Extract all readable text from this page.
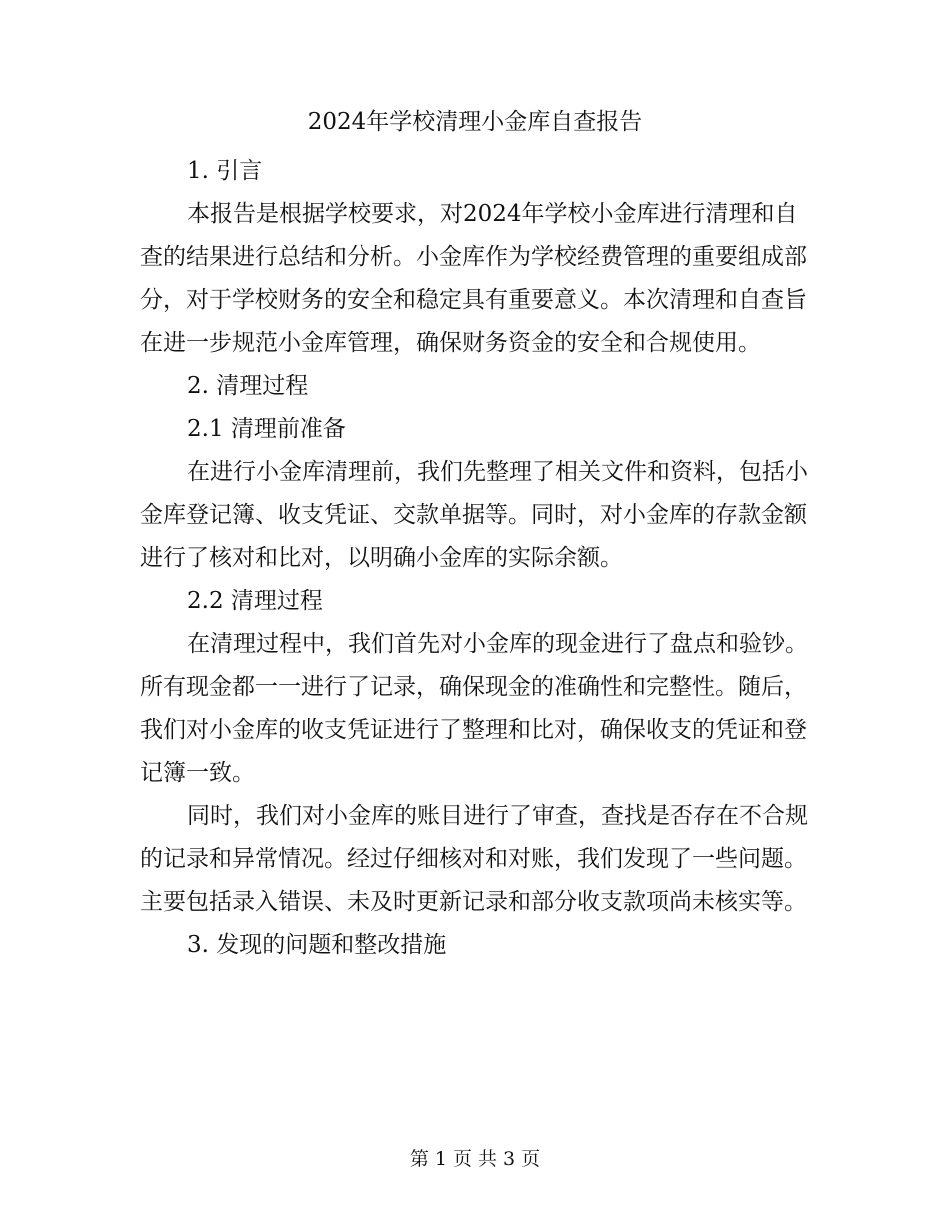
2024年学校清理小金库自查报告

1. 引言

本报告是根据学校要求，对2024年学校小金库进行清理和自查的结果进行总结和分析。小金库作为学校经费管理的重要组成部分，对于学校财务的安全和稳定具有重要意义。本次清理和自查旨在进一步规范小金库管理，确保财务资金的安全和合规使用。

2. 清理过程

2.1 清理前准备

在进行小金库清理前，我们先整理了相关文件和资料，包括小金库登记簿、收支凭证、交款单据等。同时，对小金库的存款金额进行了核对和比对，以明确小金库的实际余额。

2.2 清理过程

在清理过程中，我们首先对小金库的现金进行了盘点和验钞。所有现金都一一进行了记录，确保现金的准确性和完整性。随后，我们对小金库的收支凭证进行了整理和比对，确保收支的凭证和登记簿一致。

同时，我们对小金库的账目进行了审查，查找是否存在不合规的记录和异常情况。经过仔细核对和对账，我们发现了一些问题。主要包括录入错误、未及时更新记录和部分收支款项尚未核实等。

3. 发现的问题和整改措施

第 1 页 共 3 页
